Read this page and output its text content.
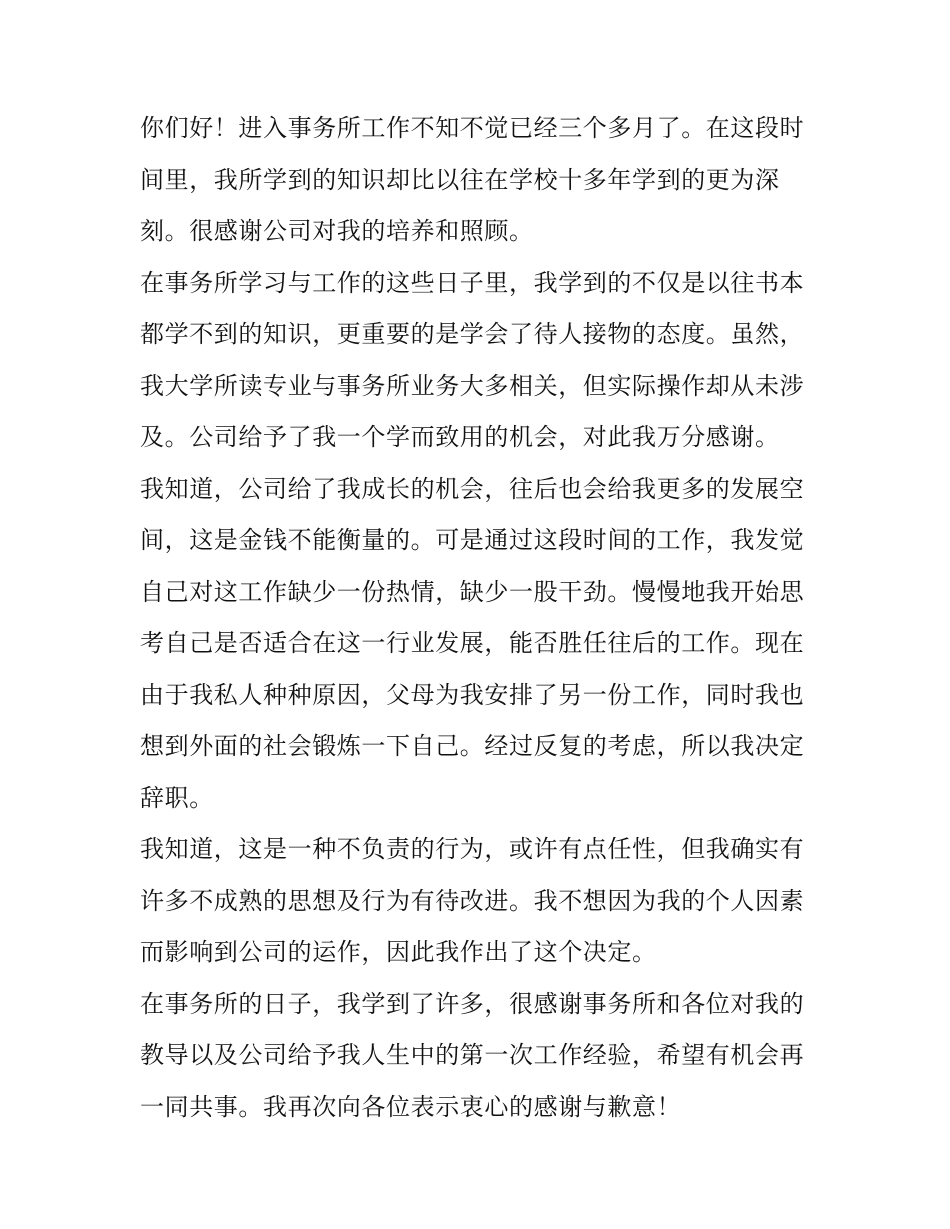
你们好！进入事务所工作不知不觉已经三个多月了。在这段时
间里，我所学到的知识却比以往在学校十多年学到的更为深
刻。很感谢公司对我的培养和照顾。
在事务所学习与工作的这些日子里，我学到的不仅是以往书本
都学不到的知识，更重要的是学会了待人接物的态度。虽然，
我大学所读专业与事务所业务大多相关，但实际操作却从未涉
及。公司给予了我一个学而致用的机会，对此我万分感谢。
我知道，公司给了我成长的机会，往后也会给我更多的发展空
间，这是金钱不能衡量的。可是通过这段时间的工作，我发觉
自己对这工作缺少一份热情，缺少一股干劲。慢慢地我开始思
考自己是否适合在这一行业发展，能否胜任往后的工作。现在
由于我私人种种原因，父母为我安排了另一份工作，同时我也
想到外面的社会锻炼一下自己。经过反复的考虑，所以我决定
辞职。
我知道，这是一种不负责的行为，或许有点任性，但我确实有
许多不成熟的思想及行为有待改进。我不想因为我的个人因素
而影响到公司的运作，因此我作出了这个决定。
在事务所的日子，我学到了许多，很感谢事务所和各位对我的
教导以及公司给予我人生中的第一次工作经验，希望有机会再
一同共事。我再次向各位表示衷心的感谢与歉意！
